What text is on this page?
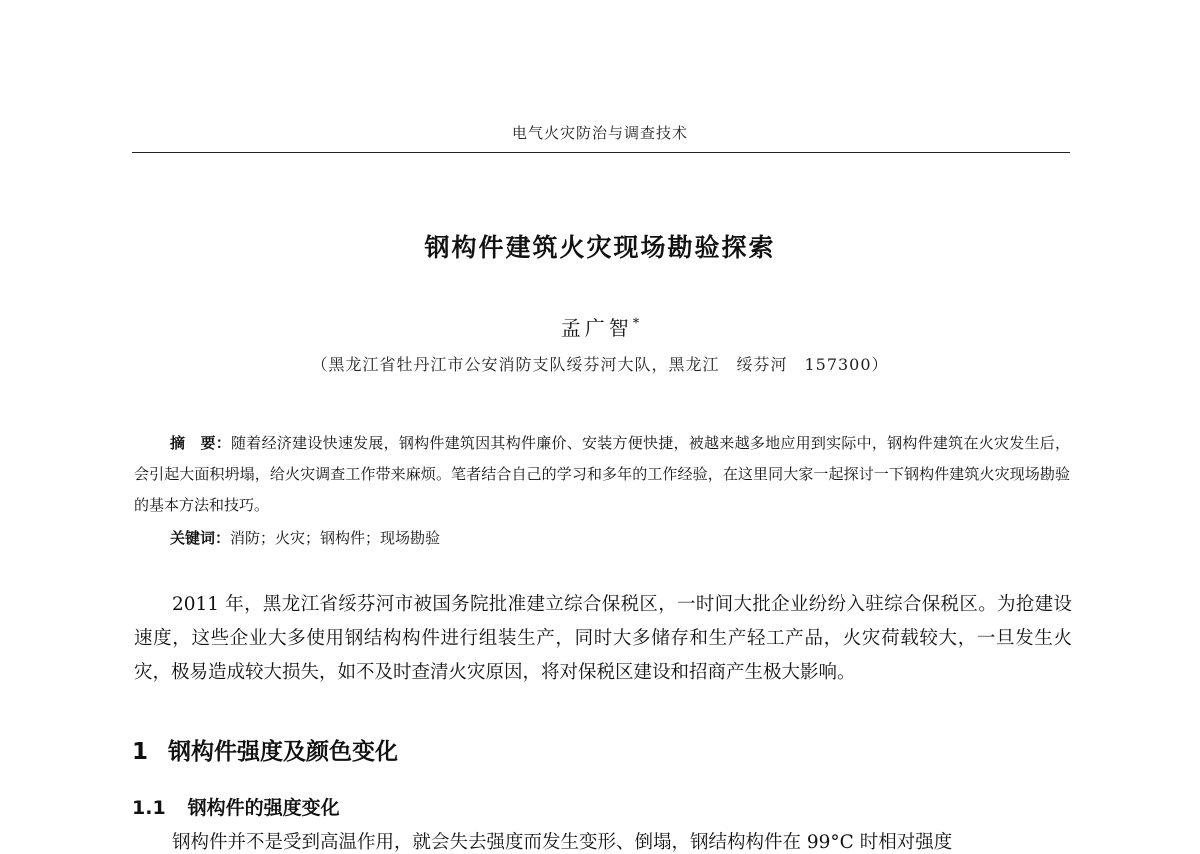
电气火灾防治与调查技术
钢构件建筑火灾现场勘验探索
孟广智*
（黑龙江省牡丹江市公安消防支队绥芬河大队，黑龙江　绥芬河　157300）
摘　要：随着经济建设快速发展，钢构件建筑因其构件廉价、安装方便快捷，被越来越多地应用到实际中，钢构件建筑在火灾发生后，会引起大面积坍塌，给火灾调查工作带来麻烦。笔者结合自己的学习和多年的工作经验，在这里同大家一起探讨一下钢构件建筑火灾现场勘验的基本方法和技巧。
关键词：消防；火灾；钢构件；现场勘验

2011 年，黑龙江省绥芬河市被国务院批准建立综合保税区，一时间大批企业纷纷入驻综合保税区。为抢建设速度，这些企业大多使用钢结构构件进行组装生产，同时大多储存和生产轻工产品，火灾荷载较大，一旦发生火灾，极易造成较大损失，如不及时查清火灾原因，将对保税区建设和招商产生极大影响。

1 钢构件强度及颜色变化
1.1 钢构件的强度变化
钢构件并不是受到高温作用，就会失去强度而发生变形、倒塌，钢结构构件在 99°C 时相对强度
